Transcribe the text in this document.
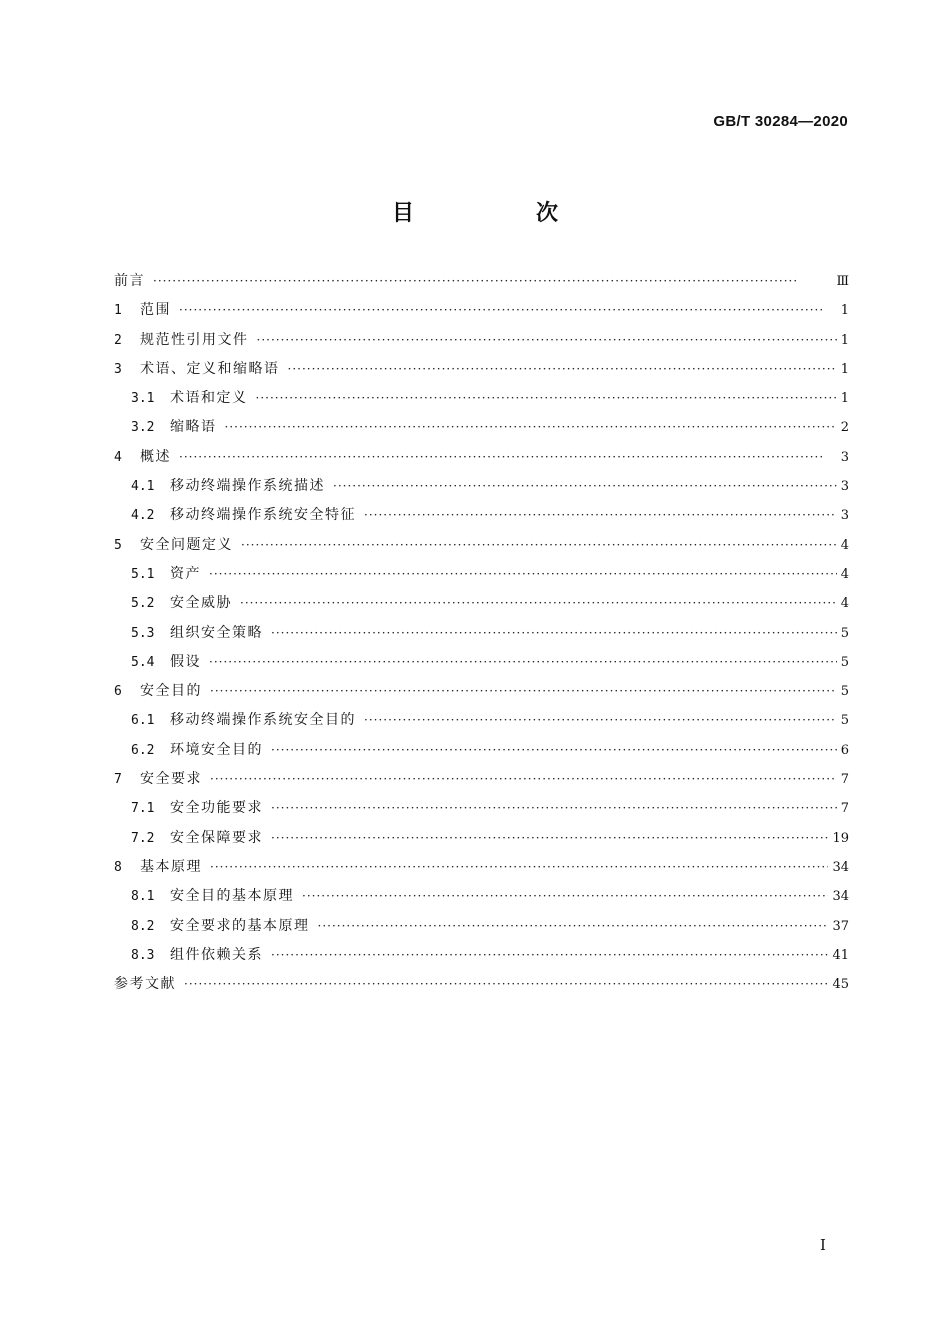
GB/T 30284—2020
目　次
前言 ·····	Ⅲ
1	范围 ·····	1
2	规范性引用文件 ·····	1
3	术语、定义和缩略语 ·····	1
3.1	术语和定义 ·····	1
3.2	缩略语 ·····	2
4	概述 ·····	3
4.1	移动终端操作系统描述 ·····	3
4.2	移动终端操作系统安全特征 ·····	3
5	安全问题定义 ·····	4
5.1	资产 ·····	4
5.2	安全威胁 ·····	4
5.3	组织安全策略 ·····	5
5.4	假设 ·····	5
6	安全目的 ·····	5
6.1	移动终端操作系统安全目的 ·····	5
6.2	环境安全目的 ·····	6
7	安全要求 ·····	7
7.1	安全功能要求 ·····	7
7.2	安全保障要求 ·····	19
8	基本原理 ·····	34
8.1	安全目的基本原理 ·····	34
8.2	安全要求的基本原理 ·····	37
8.3	组件依赖关系 ·····	41
参考文献 ·····	45
Ⅰ
